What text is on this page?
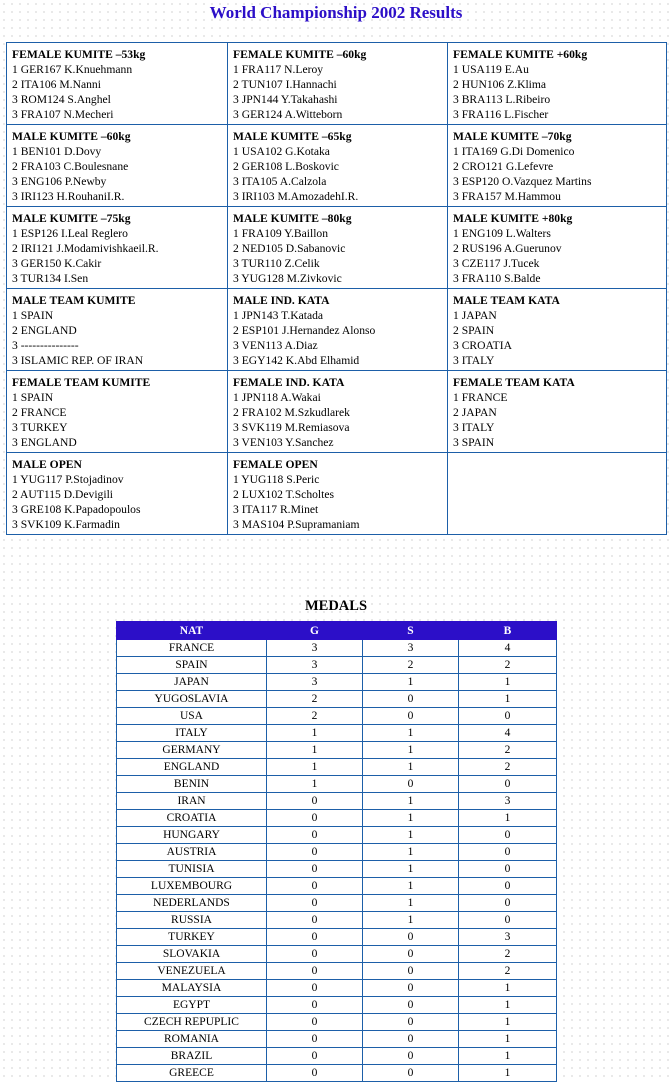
World Championship 2002 Results
FEMALE KUMITE –53kg
1 GER167 K.Knuehmann
2 ITA106 M.Nanni
3 ROM124 S.Anghel
3 FRA107 N.Mecheri	FEMALE KUMITE –60kg
1 FRA117 N.Leroy
2 TUN107 I.Hannachi
3 JPN144 Y.Takahashi
3 GER124 A.Witteborn	FEMALE KUMITE +60kg
1 USA119 E.Au
2 HUN106 Z.Klima
3 BRA113 L.Ribeiro
3 FRA116 L.Fischer

MALE KUMITE –60kg
1 BEN101 D.Dovy
2 FRA103 C.Boulesnane
3 ENG106 P.Newby
3 IRI123 H.RouhaniI.R.	MALE KUMITE –65kg
1 USA102 G.Kotaka
2 GER108 L.Boskovic
3 ITA105 A.Calzola
3 IRI103 M.AmozadehI.R.	MALE KUMITE –70kg
1 ITA169 G.Di Domenico
2 CRO121 G.Lefevre
3 ESP120 O.Vazquez Martins
3 FRA157 M.Hammou

MALE KUMITE –75kg
1 ESP126 I.Leal Reglero
2 IRI121 J.Modamivishkaeil.R.
3 GER150 K.Cakir
3 TUR134 I.Sen	MALE KUMITE –80kg
1 FRA109 Y.Baillon
2 NED105 D.Sabanovic
3 TUR110 Z.Celik
3 YUG128 M.Zivkovic	MALE KUMITE +80kg
1 ENG109 L.Walters
2 RUS196 A.Guerunov
3 CZE117 J.Tucek
3 FRA110 S.Balde

MALE TEAM KUMITE
1 SPAIN
2 ENGLAND
3 ---------------
3 ISLAMIC REP. OF IRAN	MALE IND. KATA
1 JPN143 T.Katada
2 ESP101 J.Hernandez Alonso
3 VEN113 A.Diaz
3 EGY142 K.Abd Elhamid	MALE TEAM KATA
1 JAPAN
2 SPAIN
3 CROATIA
3 ITALY

FEMALE TEAM KUMITE
1 SPAIN
2 FRANCE
3 TURKEY
3 ENGLAND	FEMALE IND. KATA
1 JPN118 A.Wakai
2 FRA102 M.Szkudlarek
3 SVK119 M.Remiasova
3 VEN103 Y.Sanchez	FEMALE TEAM KATA
1 FRANCE
2 JAPAN
3 ITALY
3 SPAIN

MALE OPEN
1 YUG117 P.Stojadinov
2 AUT115 D.Devigili
3 GRE108 K.Papadopoulos
3 SVK109 K.Farmadin	FEMALE OPEN
1 YUG118 S.Peric
2 LUX102 T.Scholtes
3 ITA117 R.Minet
3 MAS104 P.Supramaniam	

MEDALS
NAT	G	S	B
FRANCE	3	3	4
SPAIN	3	2	2
JAPAN	3	1	1
YUGOSLAVIA	2	0	1
USA	2	0	0
ITALY	1	1	4
GERMANY	1	1	2
ENGLAND	1	1	2
BENIN	1	0	0
IRAN	0	1	3
CROATIA	0	1	1
HUNGARY	0	1	0
AUSTRIA	0	1	0
TUNISIA	0	1	0
LUXEMBOURG	0	1	0
NEDERLANDS	0	1	0
RUSSIA	0	1	0
TURKEY	0	0	3
SLOVAKIA	0	0	2
VENEZUELA	0	0	2
MALAYSIA	0	0	1
EGYPT	0	0	1
CZECH REPUPLIC	0	0	1
ROMANIA	0	0	1
BRAZIL	0	0	1
GREECE	0	0	1
